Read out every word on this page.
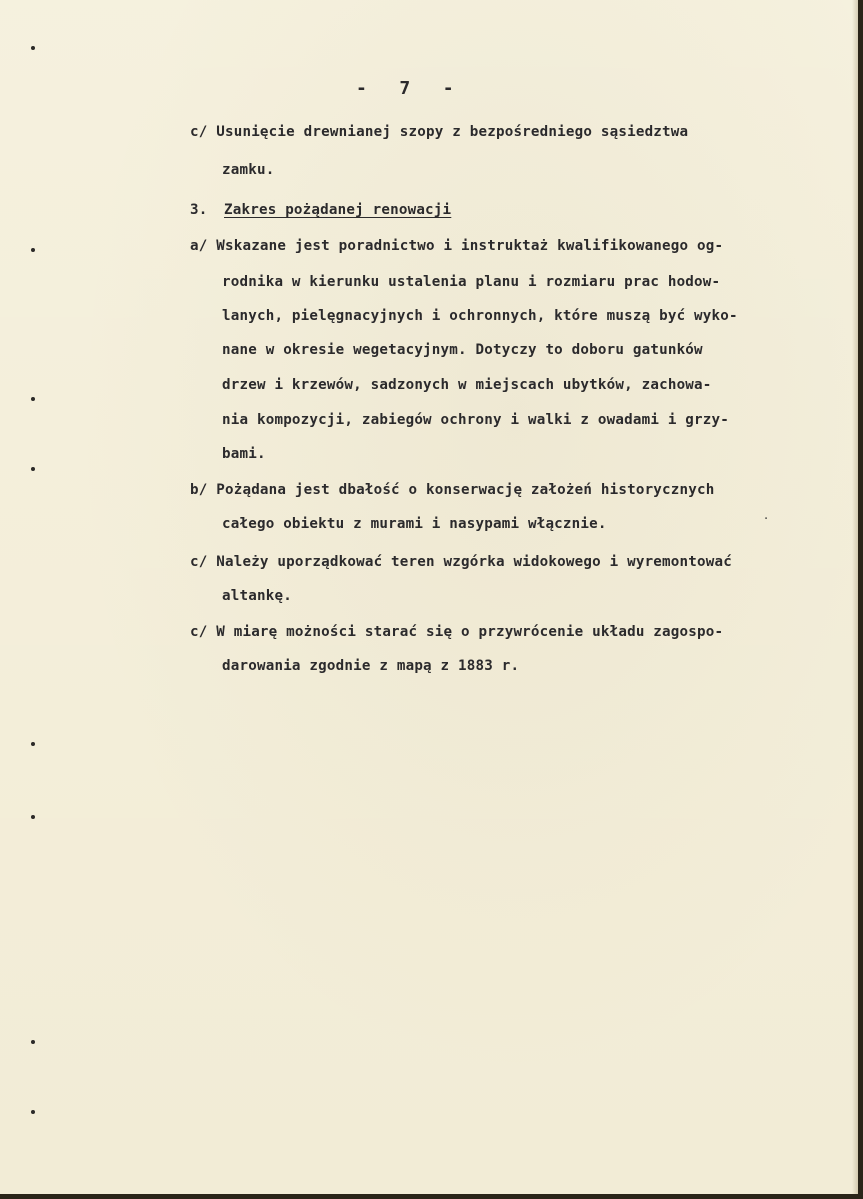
-   7   -
c/ Usunięcie drewnianej szopy z bezpośredniego sąsiedztwa
zamku.
3. Zakres pożądanej renowacji
a/ Wskazane jest poradnictwo i instruktaż kwalifikowanego og-
rodnika w kierunku ustalenia planu i rozmiaru prac hodow-
lanych, pielęgnacyjnych i ochronnych, które muszą być wyko-
nane w okresie wegetacyjnym. Dotyczy to doboru gatunków
drzew i krzewów, sadzonych w miejscach ubytków, zachowa-
nia kompozycji, zabiegów ochrony i walki z owadami i grzy-
bami.
b/ Pożądana jest dbałość o konserwację założeń historycznych
całego obiektu z murami i nasypami włącznie.
c/ Należy uporządkować teren wzgórka widokowego i wyremontować
altankę.
c/ W miarę możności starać się o przywrócenie układu zagospo-
darowania zgodnie z mapą z 1883 r.
·
